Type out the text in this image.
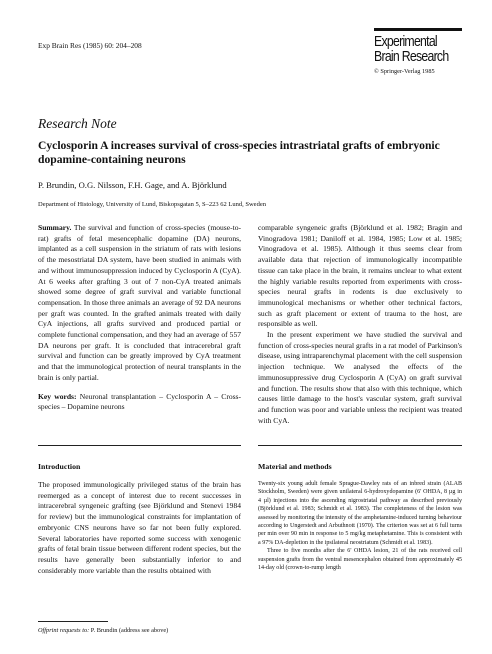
Exp Brain Res (1985) 60: 204–208	Experimental
Brain Research
© Springer-Verlag 1985
Research Note
Cyclosporin A increases survival of cross-species intrastriatal grafts of embryonic dopamine-containing neurons
P. Brundin, O.G. Nilsson, F.H. Gage, and A. Björklund
Department of Histology, University of Lund, Biskopsgatan 5, S–223 62 Lund, Sweden

Summary. The survival and function of cross-species (mouse-to-rat) grafts of fetal mesencephalic dopamine (DA) neurons, implanted as a cell suspension in the striatum of rats with lesions of the mesostriatal DA system, have been studied in animals with and without immunosuppression induced by Cyclosporin A (CyA). At 6 weeks after grafting 3 out of 7 non-CyA treated animals showed some degree of graft survival and variable functional compensation. In those three animals an average of 92 DA neurons per graft was counted. In the grafted animals treated with daily CyA injections, all grafts survived and produced partial or complete functional compensation, and they had an average of 557 DA neurons per graft. It is concluded that intracerebral graft survival and function can be greatly improved by CyA treatment and that the immunological protection of neural transplants in the brain is only partial.

Key words: Neuronal transplantation – Cyclosporin A – Cross-species – Dopamine neurons

Introduction

The proposed immunologically privileged status of the brain has reemerged as a concept of interest due to recent successes in intracerebral syngeneic grafting (see Björklund and Stenevi 1984 for review) but the immunological constraints for implantation of embryonic CNS neurons have so far not been fully explored. Several laboratories have reported some success with xenogenic grafts of fetal brain tissue between different rodent species, but the results have generally been substantially inferior to and considerably more variable than the results obtained with

Offprint requests to: P. Brundin (address see above)

comparable syngeneic grafts (Björklund et al. 1982; Bragin and Vinogradova 1981; Daniloff et al. 1984, 1985; Low et al. 1985; Vinogradova et al. 1985). Although it thus seems clear from available data that rejection of immunologically incompatible tissue can take place in the brain, it remains unclear to what extent the highly variable results reported from experiments with cross-species neural grafts in rodents is due exclusively to immunological mechanisms or whether other technical factors, such as graft placement or extent of trauma to the host, are responsible as well.

In the present experiment we have studied the survival and function of cross-species neural grafts in a rat model of Parkinson's disease, using intraparenchymal placement with the cell suspension injection technique. We analysed the effects of the immunosuppressive drug Cyclosporin A (CyA) on graft survival and function. The results show that also with this technique, which causes little damage to the host's vascular system, graft survival and function was poor and variable unless the recipient was treated with CyA.

Material and methods

Twenty-six young adult female Sprague-Dawley rats of an inbred strain (ALAB Stockholm, Sweden) were given unilateral 6-hydroxydopamine (6' OHDA, 8 µg in 4 µl) injections into the ascending nigrostriatal pathway as described previously (Björklund et al. 1983; Schmidt et al. 1983). The completeness of the lesion was assessed by monitoring the intensity of the amphetamine-induced turning behaviour according to Ungerstedt and Arbuthnott (1970). The criterion was set at 6 full turns per min over 90 min in response to 5 mg/kg metaphetamine. This is consistent with a 97% DA-depletion in the ipsilateral neostriatum (Schmidt et al. 1983).

Three to five months after the 6' OHDA lesion, 21 of the rats received cell suspension grafts from the ventral mesencephalon obtained from approximately 45 14-day old (crown-to-rump length
